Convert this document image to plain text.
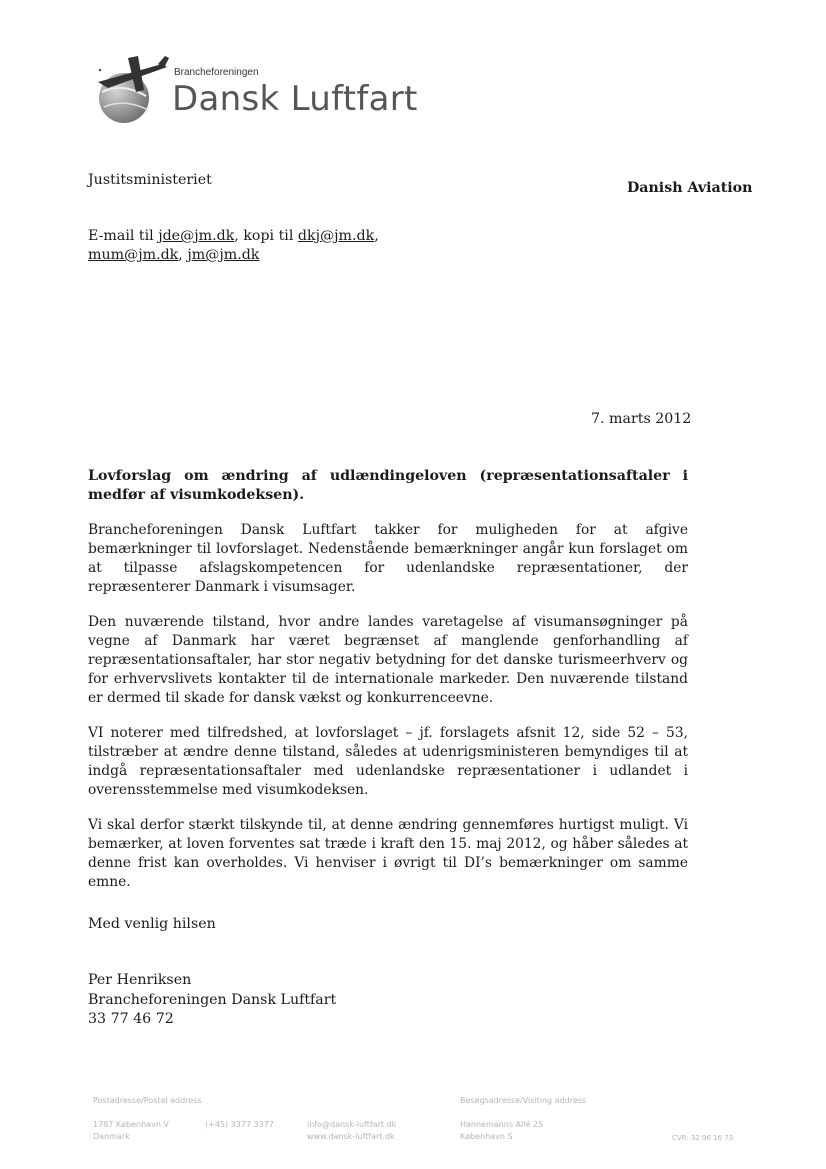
Brancheforeningen
Dansk Luftfart
Justitsministeriet	Danish Aviation
E-mail til jde@jm.dk, kopi til dkj@jm.dk,
mum@jm.dk, jm@jm.dk
7. marts 2012
Lovforslag om ændring af udlændingeloven (repræsentationsaftaler i medfør af visumkodeksen).

Brancheforeningen Dansk Luftfart takker for muligheden for at afgive bemærkninger til lovforslaget. Nedenstående bemærkninger angår kun forslaget om at tilpasse afslagskompetencen for udenlandske repræsentationer, der repræsenterer Danmark i visumsager.

Den nuværende tilstand, hvor andre landes varetagelse af visumansøgninger på vegne af Danmark har været begrænset af manglende genforhandling af repræsentationsaftaler, har stor negativ betydning for det danske turismeerhverv og for erhvervslivets kontakter til de internationale markeder. Den nuværende tilstand er dermed til skade for dansk vækst og konkurrenceevne.

VI noterer med tilfredshed, at lovforslaget – jf. forslagets afsnit 12, side 52 – 53, tilstræber at ændre denne tilstand, således at udenrigsministeren bemyndiges til at indgå repræsentationsaftaler med udenlandske repræsentationer i udlandet i overensstemmelse med visumkodeksen.

Vi skal derfor stærkt tilskynde til, at denne ændring gennemføres hurtigst muligt. Vi bemærker, at loven forventes sat træde i kraft den 15. maj 2012, og håber således at denne frist kan overholdes. Vi henviser i øvrigt til DI’s bemærkninger om samme emne.

Med venlig hilsen
Per Henriksen
Brancheforeningen Dansk Luftfart
33 77 46 72
Postadresse/Postal address
1787 København V
Danmark
(+45) 3377 3377	info@dansk-luftfart.dk
www.dansk-luftfart.dk
Besøgsadresse/Visiting address
Hannemanns Allé 25
København S	CVR: 32 96 16 73
